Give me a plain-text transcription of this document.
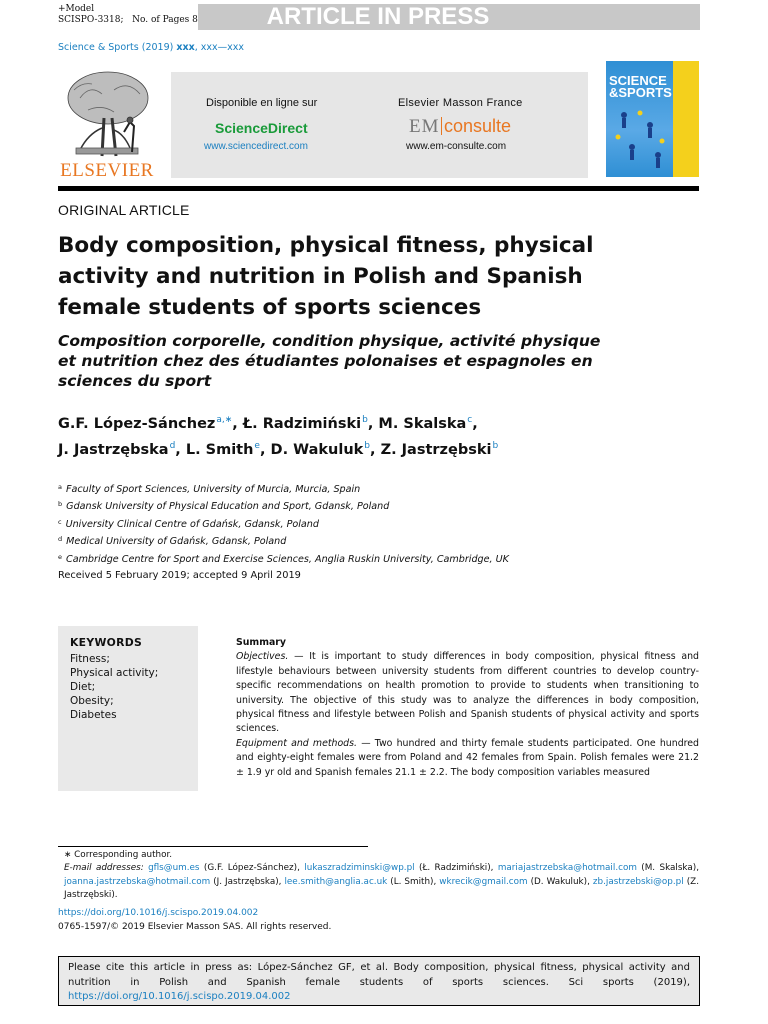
+Model
SCISPO-3318;   No. of Pages 8	ARTICLE IN PRESS
Science & Sports (2019) xxx, xxx—xxx
ELSEVIER
Disponible en ligne sur
ScienceDirect
www.sciencedirect.com
Elsevier Masson France
EM consulte
www.em-consulte.com
SCIENCE
&SPORTS
ORIGINAL ARTICLE
Body composition, physical fitness, physical activity and nutrition in Polish and Spanish female students of sports sciences
Composition corporelle, condition physique, activité physique et nutrition chez des étudiantes polonaises et espagnoles en sciences du sport
G.F. López-Sánchez$^{a,∗}$, Ł. Radzimiński$^b$, M. Skalska$^c$,
J. Jastrzębska$^d$, L. Smith$^e$, D. Wakuluk$^b$, Z. Jastrzębski$^b$
$^a$ Faculty of Sport Sciences, University of Murcia, Murcia, Spain
$^b$ Gdansk University of Physical Education and Sport, Gdansk, Poland
$^c$ University Clinical Centre of Gdańsk, Gdansk, Poland
$^d$ Medical University of Gdańsk, Gdansk, Poland
$^e$ Cambridge Centre for Sport and Exercise Sciences, Anglia Ruskin University, Cambridge, UK
Received 5 February 2019; accepted 9 April 2019
KEYWORDS
Fitness;
Physical activity;
Diet;
Obesity;
Diabetes
Summary

Objectives. — It is important to study differences in body composition, physical fitness and lifestyle behaviours between university students from different countries to develop country-specific recommendations on health promotion to provide to students when transitioning to university. The objective of this study was to analyze the differences in body composition, physical fitness and lifestyle between Polish and Spanish students of physical activity and sports sciences.

Equipment and methods. — Two hundred and thirty female students participated. One hundred and eighty-eight females were from Poland and 42 females from Spain. Polish females were 21.2 ± 1.9 yr old and Spanish females 21.1 ± 2.2. The body composition variables measured

∗ Corresponding author.
E-mail addresses: gfls@um.es (G.F. López-Sánchez), lukaszradziminski@wp.pl (Ł. Radzimiński), mariajastrzebska@hotmail.com (M. Skalska), joanna.jastrzebska@hotmail.com (J. Jastrzębska), lee.smith@anglia.ac.uk (L. Smith), wkrecik@gmail.com (D. Wakuluk), zb.jastrzebski@op.pl (Z. Jastrzębski).
https://doi.org/10.1016/j.scispo.2019.04.002
0765-1597/© 2019 Elsevier Masson SAS. All rights reserved.
Please cite this article in press as: López-Sánchez GF, et al. Body composition, physical fitness, physical activity and nutrition in Polish and Spanish female students of sports sciences. Sci sports (2019), https://doi.org/10.1016/j.scispo.2019.04.002
